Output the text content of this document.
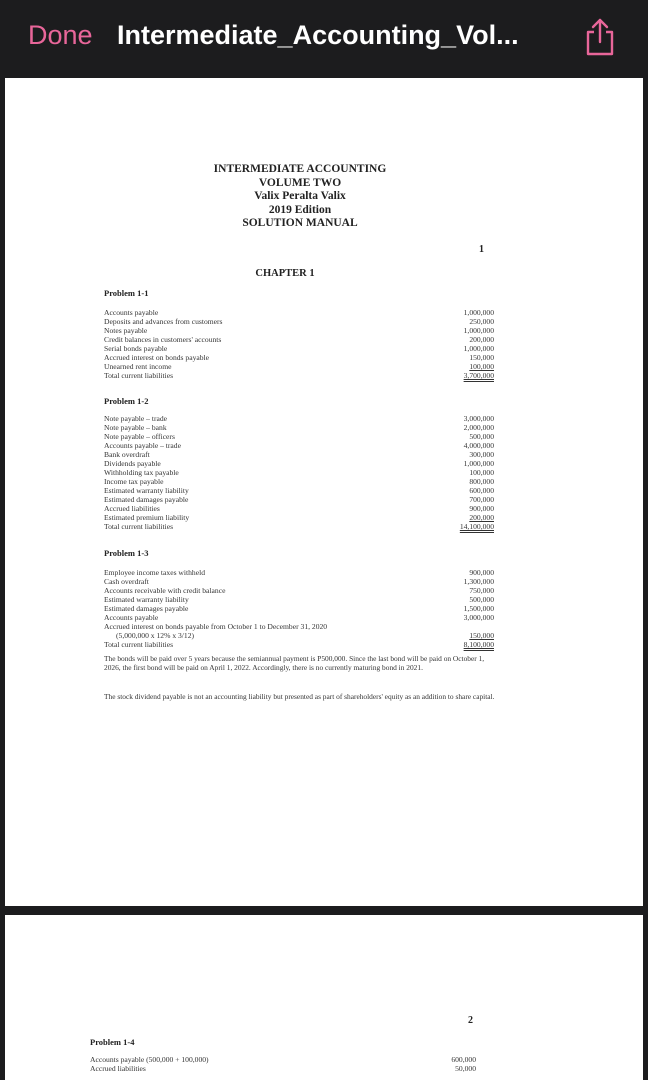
Done Intermediate_Accounting_Vol...
INTERMEDIATE ACCOUNTING
VOLUME TWO
Valix Peralta Valix
2019 Edition
SOLUTION MANUAL
1
CHAPTER 1
Problem 1-1
Accounts payable	1,000,000
Deposits and advances from customers	250,000
Notes payable	1,000,000
Credit balances in customers' accounts	200,000
Serial bonds payable	1,000,000
Accrued interest on bonds payable	150,000
Unearned rent income	100,000
Total current liabilities	3,700,000
Problem 1-2
Note payable – trade	3,000,000
Note payable – bank	2,000,000
Note payable – officers	500,000
Accounts payable – trade	4,000,000
Bank overdraft	300,000
Dividends payable	1,000,000
Withholding tax payable	100,000
Income tax payable	800,000
Estimated warranty liability	600,000
Estimated damages payable	700,000
Accrued liabilities	900,000
Estimated premium liability	200,000
Total current liabilities	14,100,000
Problem 1-3
Employee income taxes withheld	900,000
Cash overdraft	1,300,000
Accounts receivable with credit balance	750,000
Estimated warranty liability	500,000
Estimated damages payable	1,500,000
Accounts payable	3,000,000
Accrued interest on bonds payable from October 1 to December 31, 2020
(5,000,000 x 12% x 3/12)	150,000
Total current liabilities	8,100,000
The bonds will be paid over 5 years because the semiannual payment is P500,000. Since the last bond will be paid on October 1, 2026, the first bond will be paid on April 1, 2022. Accordingly, there is no currently maturing bond in 2021.
The stock dividend payable is not an accounting liability but presented as part of shareholders' equity as an addition to share capital.
2
Problem 1-4
Accounts payable (500,000 + 100,000)	600,000
Accrued liabilities	50,000
